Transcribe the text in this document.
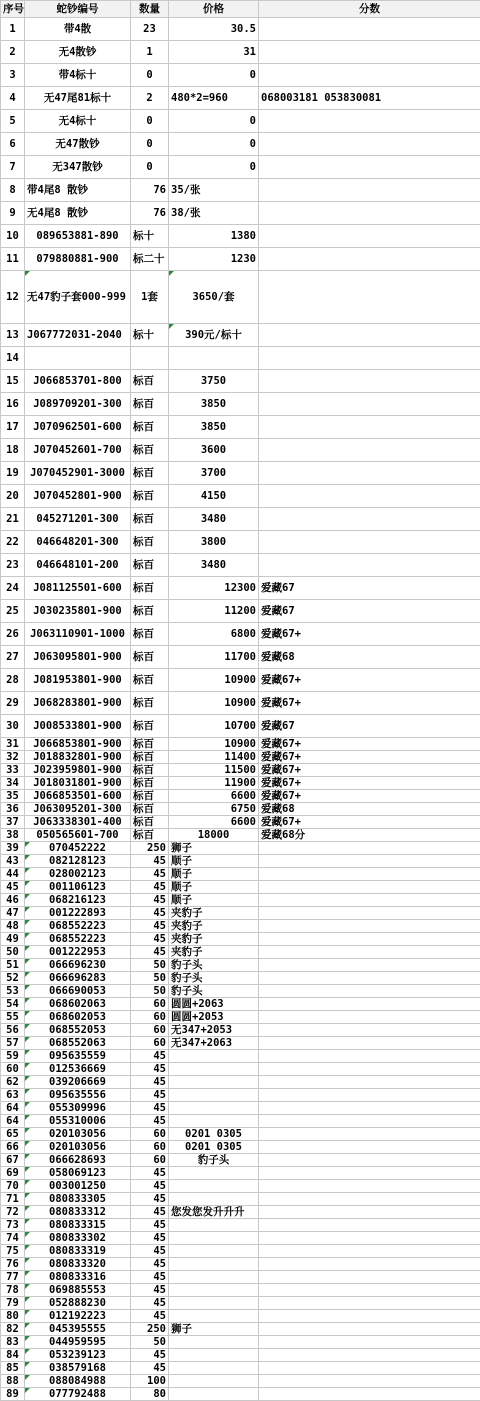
序号	蛇钞编号	数量	价格	分数
1	带4散	23	30.5	
2	无4散钞	1	31	
3	带4标十	0	0	
4	无47尾81标十	2	480*2=960	068003181 053830081
5	无4标十	0	0	
6	无47散钞	0	0	
7	无347散钞	0	0	
8	带4尾8 散钞	76	35/张	
9	无4尾8 散钞	76	38/张	
10	089653881-890	标十	1380	
11	079880881-900	标二十	1230	
12	无47豹子套000-999	1套	3650/套	
13	J067772031-2040	标十	390元/标十	
14				
15	J066853701-800	标百	3750	
16	J089709201-300	标百	3850	
17	J070962501-600	标百	3850	
18	J070452601-700	标百	3600	
19	J070452901-3000	标百	3700	
20	J070452801-900	标百	4150	
21	045271201-300	标百	3480	
22	046648201-300	标百	3800	
23	046648101-200	标百	3480	
24	J081125501-600	标百	12300	爱藏67
25	J030235801-900	标百	11200	爱藏67
26	J063110901-1000	标百	6800	爱藏67+
27	J063095801-900	标百	11700	爱藏68
28	J081953801-900	标百	10900	爱藏67+
29	J068283801-900	标百	10900	爱藏67+
30	J008533801-900	标百	10700	爱藏67
31	J066853801-900	标百	10900	爱藏67+
32	J018832801-900	标百	11400	爱藏67+
33	J023959801-900	标百	11500	爱藏67+
34	J018031801-900	标百	11900	爱藏67+
35	J066853501-600	标百	6600	爱藏67+
36	J063095201-300	标百	6750	爱藏68
37	J063338301-400	标百	6600	爱藏67+
38	050565601-700	标百	18000	爱藏68分
39	070452222	250	狮子	
43	082128123	45	顺子	
44	028002123	45	顺子	
45	001106123	45	顺子	
46	068216123	45	顺子	
47	001222893	45	夹豹子	
48	068552223	45	夹豹子	
49	068552223	45	夹豹子	
50	001222953	45	夹豹子	
51	066696230	50	豹子头	
52	066696283	50	豹子头	
53	066690053	50	豹子头	
54	068602063	60	圆圆+2063	
55	068602053	60	圆圆+2053	
56	068552053	60	无347+2053	
57	068552063	60	无347+2063	
59	095635559	45		
60	012536669	45		
62	039206669	45		
63	095635556	45		
64	055309996	45		
64	055310006	45		
65	020103056	60	0201 0305	
66	020103056	60	0201 0305	
67	066628693	60	豹子头	
69	058069123	45		
70	003001250	45		
71	080833305	45		
72	080833312	45	您发您发升升升	
73	080833315	45		
74	080833302	45		
75	080833319	45		
76	080833320	45		
77	080833316	45		
78	069885553	45		
79	052888230	45		
80	012192223	45		
82	045395555	250	狮子	
83	044959595	50		
84	053239123	45		
85	038579168	45		
88	088084988	100		
89	077792488	80		
